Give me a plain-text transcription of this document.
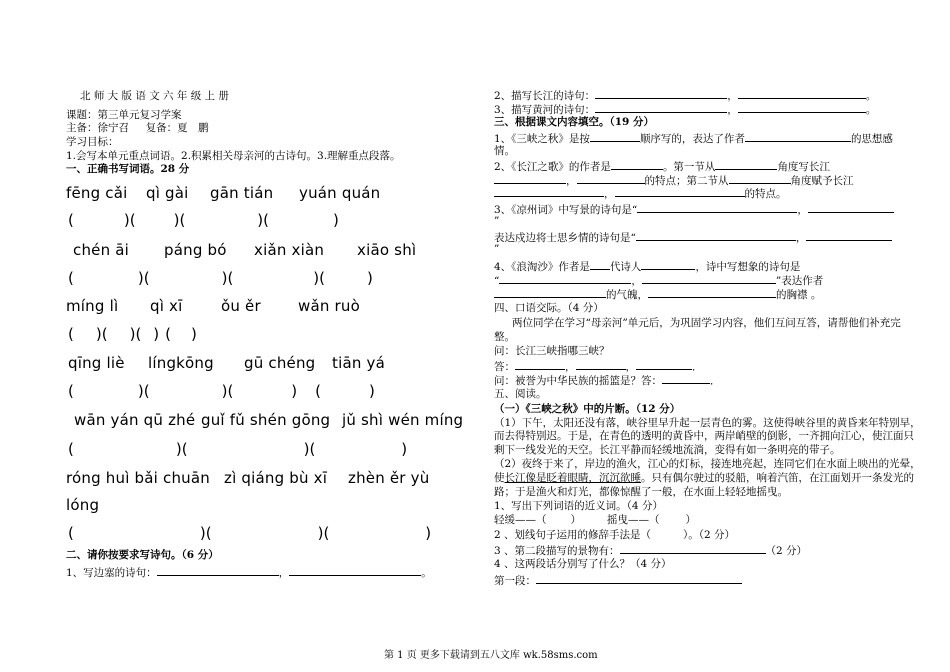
北 师 大 版 语 文 六 年 级 上 册
课题：第三单元复习学案
主备：徐宁召 复备：夏　鹏
学习目标：
1.会写本单元重点词语。2.积累相关母亲河的古诗句。3.理解重点段落。
一、正确书写词语。28 分
fēng cǎi qì gài gān tián yuán quán
(	)(	)(	)(	)
chén āi páng bó xiǎn xiàn xiāo shì
(	)(	)(	)(	)
míng lì qì xī	ǒu ěr wǎn ruò
( )( )( ) ( )
qīng liè língkōng gū chéng tiān yá
(	)(	)(	) (	)
wān yán qū zhé guǐ fǔ shén gōng jǔ shì wén míng
(	)(	)(	)
róng huì bǎi chuān zì qiáng bù xī zhèn ěr yù
lóng
(	)(	)(	)
二、请你按要求写诗句。（6 分）
1、写边塞的诗句：	，	。
2、描写长江的诗句：	，	。
3、描写黄河的诗句：	，	。
三、根据课文内容填空。（19 分）
1、《三峡之秋》是按	顺序写的，表达了作者	的思想感
情。
2、《长江之歌》的作者是	。第一节从	角度写长江
，	的特点；第二节从	角度赋予长江
，	的特点。
3、《凉州词》中写景的诗句是“	，
”
表达戍边将士思乡情的诗句是“	，
”
4、《浪淘沙》作者是 代诗人	，诗中写想象的诗句是
“	，	”表达作者
的气魄，	的胸襟 。
四、口语交际。（4 分）
两位同学在学习“母亲河”单元后，为巩固学习内容，他们互问互答，请帮他们补充完
整。
问：长江三峡指哪三峡？
答：	，	，	．
问：被誉为中华民族的摇篮是？答：	．
五、阅读。
（一）《三峡之秋》中的片断。（12 分）
（1）下午，太阳还没有落，峡谷里早升起一层青色的雾。这使得峡谷里的黄昏来年特别早，
而去得特别迟。于是，在青色的透明的黄昏中，两岸峭壁的倒影，一齐拥向江心，使江面只
剩下一线发光的天空。长江平静而轻缓地流淌，变得有如一条明亮的带子。
（2）夜终于来了，岸边的渔火，江心的灯标，接连地亮起，连同它们在水面上映出的光晕，
使长江像是眨着眼睛，沉沉欲睡。只有偶尔驶过的驳船，响着汽笛，在江面划开一条发光的
路；于是渔火和灯光，都像惊醒了一般，在水面上轻轻地摇曳。
1、写出下列词语的近义词。（4 分）
轻缓——（ ） 摇曳——（ ）
2 、划线句子运用的修辞手法是（	）。（2 分）
3 、第二段描写的景物有：	（2 分）
4 、这两段话分别写了什么？（4 分）
第一段：
第 1 页 更多下载请到五八文库 wk.58sms.com
